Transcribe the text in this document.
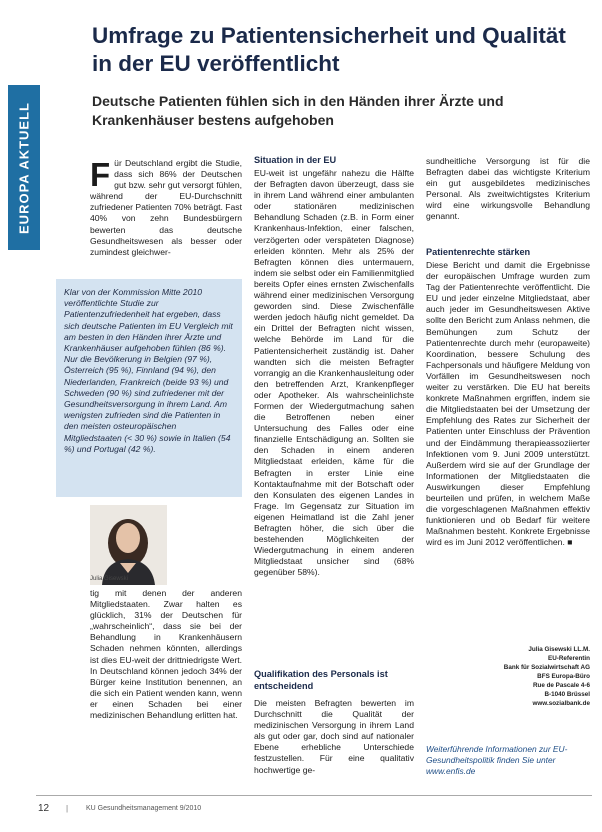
EUROPA AKTUELL
Umfrage zu Patientensicherheit und Qualität in der EU veröffentlicht
Deutsche Patienten fühlen sich in den Händen ihrer Ärzte und Krankenhäuser bestens aufgehoben
Für Deutschland ergibt die Studie, dass sich 86% der Deutschen gut bzw. sehr gut versorgt fühlen, während der EU-Durchschnitt zufriedener Patienten 70% beträgt. Fast 40% von zehn Bundesbürgern bewerten das deutsche Gesundheitswesen als besser oder zumindest gleichwer-

Klar von der Kommission Mitte 2010 veröffentlichte Studie zur Patientenzufriedenheit hat ergeben, dass sich deutsche Patienten im EU Vergleich mit am besten in den Händen ihrer Ärzte und Krankenhäuser aufgehoben fühlen (86 %). Nur die Bevölkerung in Belgien (97 %), Österreich (95 %), Finnland (94 %), den Niederlanden, Frankreich (beide 93 %) und Schweden (90 %) sind zufriedener mit der Gesundheitsversorgung in ihrem Land. Am wenigsten zufrieden sind die Patienten in den meisten osteuropäischen Mitgliedstaaten (< 30 %) sowie in Italien (54 %) und Portugal (42 %).

Julia Gisewski

tig mit denen der anderen Mitgliedstaaten. Zwar halten es glücklich, 31% der Deutschen für „wahrscheinlich“, dass sie bei der Behandlung in Krankenhäusern Schaden nehmen könnten, allerdings ist dies EU-weit der drittniedrigste Wert. In Deutschland können jedoch 34% der Bürger keine Institution benennen, an die sich ein Patient wenden kann, wenn er einen Schaden bei einer medizinischen Behandlung erlitten hat.

Situation in der EU

EU-weit ist ungefähr nahezu die Hälfte der Befragten davon überzeugt, dass sie in ihrem Land während einer ambulanten oder stationären medizinischen Behandlung Schaden (z.B. in Form einer Krankenhaus-Infektion, einer falschen, verzögerten oder verspäteten Diagnose) erleiden könnten. Mehr als 25% der Befragten können dies untermauern, indem sie selbst oder ein Familienmitglied bereits Opfer eines ernsten Zwischenfalls während einer medizinischen Versorgung geworden sind. Diese Zwischenfälle werden jedoch häufig nicht gemeldet. Da ein Drittel der Befragten nicht wissen, welche Behörde im Land für die Patientensicherheit zuständig ist. Daher wandten sich die meisten Befragter vorrangig an die Krankenhausleitung oder den betreffenden Arzt, Krankenpfleger oder Apotheker. Als wahrscheinlichste Formen der Wiedergutmachung sahen die Betroffenen neben einer Untersuchung des Falles oder eine finanzielle Entschädigung an. Sollten sie den Schaden in einem anderen Mitgliedstaat erleiden, käme für die Befragten in erster Linie eine Kontaktaufnahme mit der Botschaft oder den Konsulaten des eigenen Landes in Frage. Im Gegensatz zur Situation im eigenen Heimatland ist die Zahl jener Befragten höher, die sich über die bestehenden Möglichkeiten der Wiedergutmachung in einem anderen Mitgliedstaat unsicher sind (68% gegenüber 58%).

Qualifikation des Personals ist entscheidend

Die meisten Befragten bewerten im Durchschnitt die Qualität der medizinischen Versorgung in ihrem Land als gut oder gar, doch sind auf nationaler Ebene erhebliche Unterschiede festzustellen. Für eine qualitativ hochwertige ge-

sundheitliche Versorgung ist für die Befragten dabei das wichtigste Kriterium ein gut ausgebildetes medizinisches Personal. Als zweitwichtigstes Kriterium wird eine wirkungsvolle Behandlung genannt.

Patientenrechte stärken

Diese Bericht und damit die Ergebnisse der europäischen Umfrage wurden zum Tag der Patientenrechte veröffentlicht. Die EU und jeder einzelne Mitgliedstaat, aber auch jeder im Gesundheitswesen Aktive sollte den Bericht zum Anlass nehmen, die Bemühungen zum Schutz der Patientenrechte durch mehr (europaweite) Koordination, bessere Schulung des Fachpersonals und häufigere Meldung von Vorfällen im Gesundheitswesen noch weiter zu verstärken. Die EU hat bereits konkrete Maßnahmen ergriffen, indem sie die Mitgliedstaaten bei der Umsetzung der Empfehlung des Rates zur Sicherheit der Patienten unter Einschluss der Prävention und der Eindämmung therapieassoziierter Infektionen vom 9. Juni 2009 unterstützt. Außerdem wird sie auf der Grundlage der Informationen der Mitgliedstaaten die Auswirkungen dieser Empfehlung beurteilen und prüfen, in welchem Maße die vorgeschlagenen Maßnahmen effektiv funktionieren und ob Bedarf für weitere Maßnahmen besteht. Konkrete Ergebnisse wird es im Juni 2012 veröffentlichen. ■

Julia Gisewski LL.M.
EU-Referentin
Bank für Sozialwirtschaft AG
BFS Europa-Büro
Rue de Pascale 4-6
B-1040 Brüssel
www.sozialbank.de
Weiterführende Informationen zur EU-Gesundheitspolitik finden Sie unter www.enfis.de
12 |	KU Gesundheitsmanagement 9/2010
